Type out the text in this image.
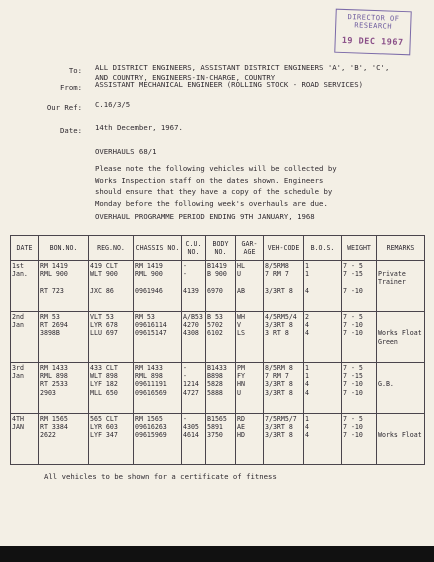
DIRECTOR OF
RESEARCH
19 DEC 1967
To: ALL DISTRICT ENGINEERS, ASSISTANT DISTRICT ENGINEERS 'A', 'B', 'C',
AND COUNTRY, ENGINEERS-IN-CHARGE, COUNTRY
From: ASSISTANT MECHANICAL ENGINEER (ROLLING STOCK - ROAD SERVICES)
Our Ref: C.16/3/5
Date: 14th December, 1967.
OVERHAULS 68/1
Please note the following vehicles will be collected by
Works Inspection staff on the dates shown. Engineers
should ensure that they have a copy of the schedule by
Monday before the following week's overhauls are due.
OVERHAUL PROGRAMME PERIOD ENDING 9TH JANUARY, 1968
DATE	BON.NO.	REG.NO.	CHASSIS NO.	C.U. NO.	BODY NO.	GAR-AGE	VEH-CODE	B.O.S.	WEIGHT	REMARKS

1st
Jan.	RM 1419
RML 900

RT 723	419 CLT
WLT 900

JXC 86	RM 1419
RML 900

0961946	-
-

4139	B1419
B 900

6970	HL
U

AB	8/5RM8
7 RM 7

3/3RT 8	1
1

4	7 - 5
7 -15

7 -10	Private
Trainer

2nd
Jan	RM 53
RT 2694
3898B	VLT 53
LYR 678
LLU 697	RM 53
09616114
09615147	A/B53
4270
4308	B 53
5702
6102	WH
V
LS	4/5RM5/4
3/3RT 8
3 RT 8	2
4
4	7 - 5
7 -10
7 -10	Works Float
Green

3rd
Jan	RM 1433
RML 898
RT 2533
2903	433 CLT
WLT 898
LYF 182
MLL 650	RM 1433
RML 898
09611191
09616569	-
-
1214
4727	B1433
B898
5828
5888	PM
FY
HN
U	8/5RM 8
7 RM 7
3/3RT 8
3/3RT 8	1
1
4
4	7 - 5
7 -15
7 -10
7 -10	G.B.

4TH
JAN	RM 1565
RT 3384
2622	565 CLT
LYR 603
LYF 347	RM 1565
09616263
09615969	-
4305
4614	B1565
5891
3750	RD
AE
HD	7/5RM5/7
3/3RT 8
3/3RT 8	1
4
4	7 - 5
7 -10
7 -10	Works Float
All vehicles to be shown for a certificate of fitness
